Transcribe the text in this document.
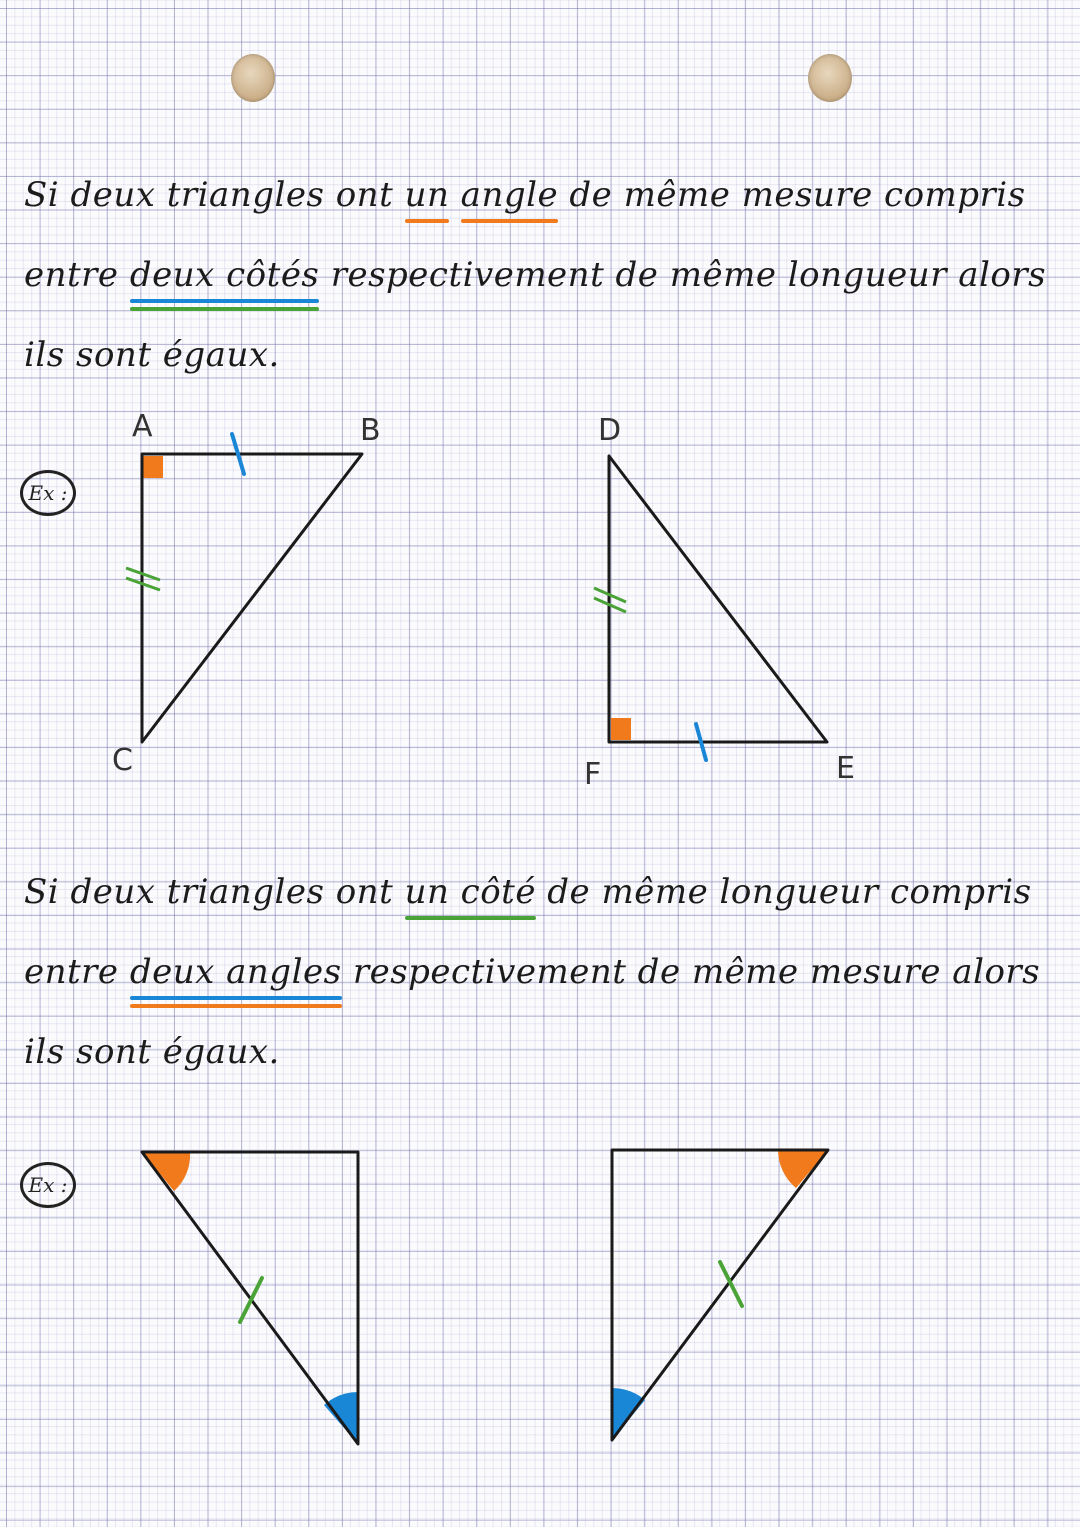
Si deux triangles ont un angle
de même mesure compris entre deux côtés
respectivement de même longueur alors ils sont égaux.

Si deux triangles ont un côté
de même longueur compris entre deux angles
respectivement de même mesure alors ils sont égaux.

Ex :
Ex :
A	B
C
D
E
F
